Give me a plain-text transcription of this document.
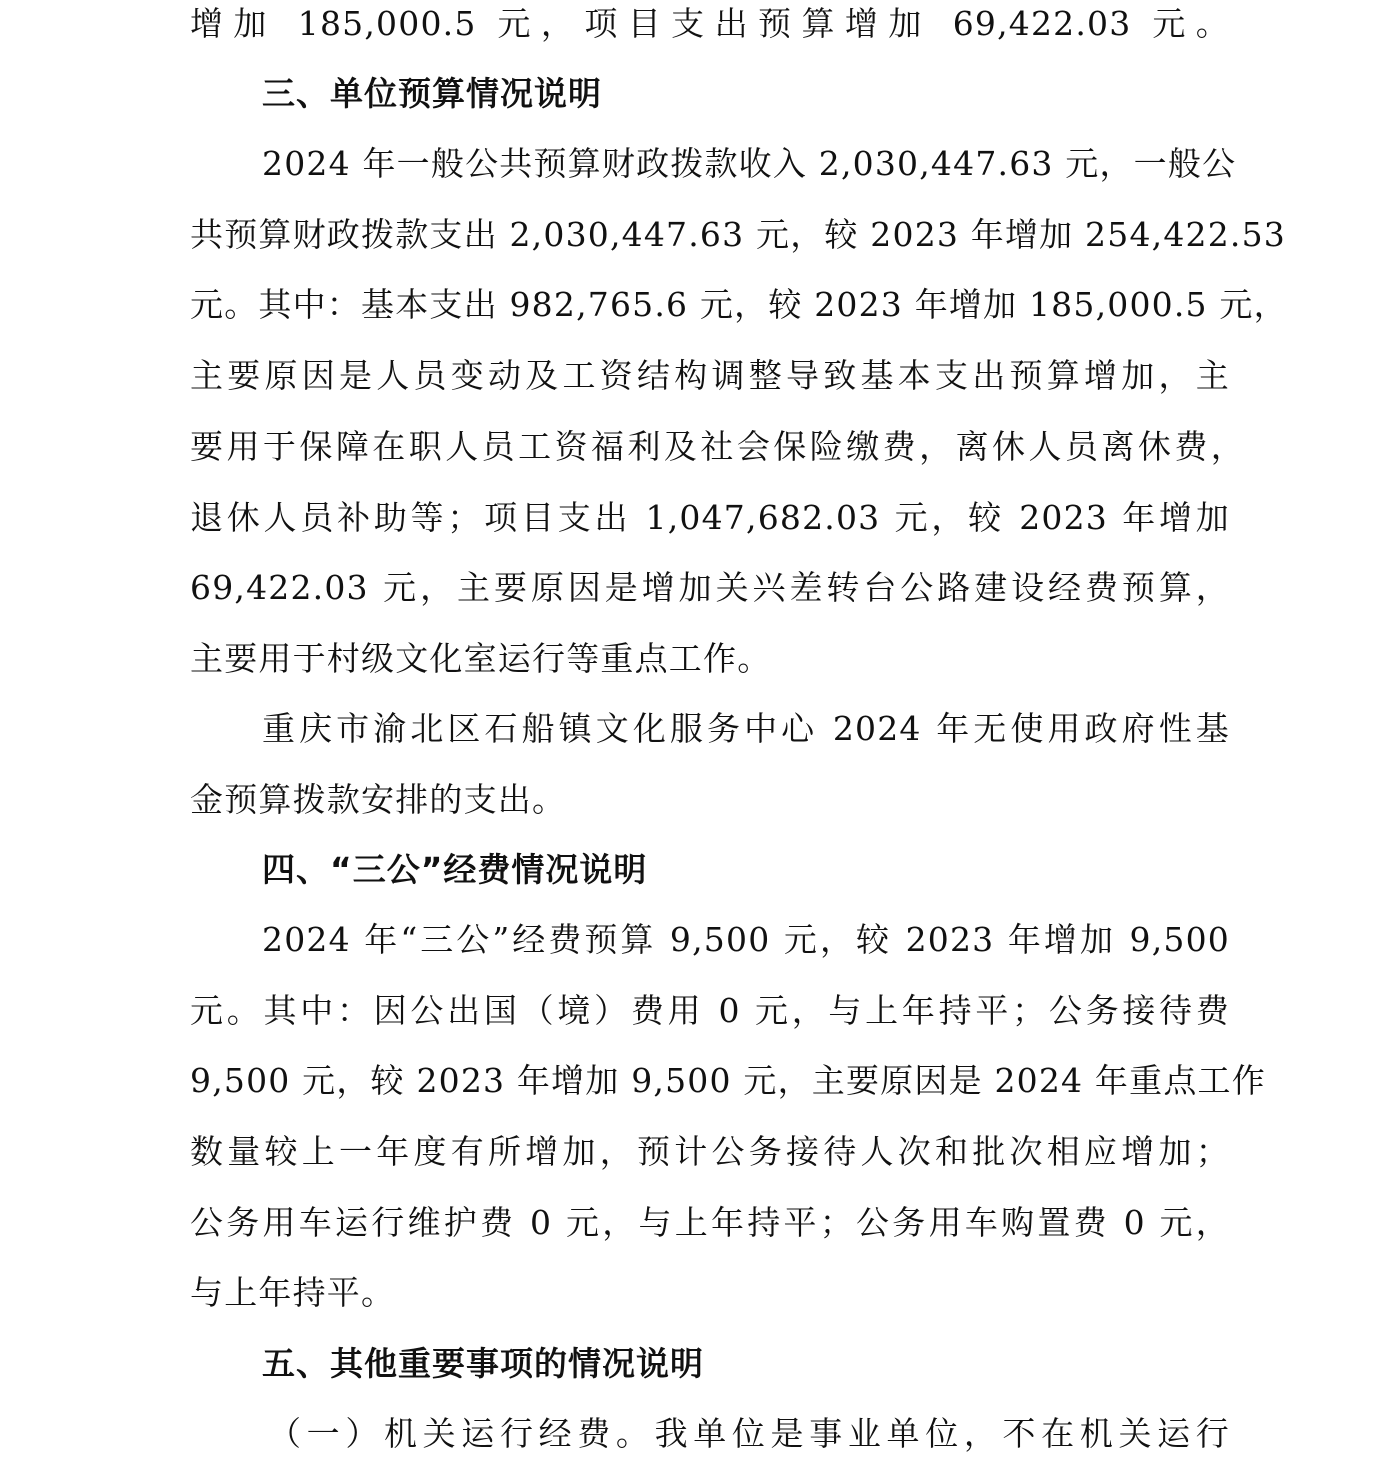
增加 185,000.5 元，项目支出预算增加 69,422.03 元。
三、单位预算情况说明
2024 年一般公共预算财政拨款收入 2,030,447.63 元，一般公
共预算财政拨款支出 2,030,447.63 元，较 2023 年增加 254,422.53
元。其中：基本支出 982,765.6 元，较 2023 年增加 185,000.5 元，
主要原因是人员变动及工资结构调整导致基本支出预算增加，主
要用于保障在职人员工资福利及社会保险缴费，离休人员离休费，
退休人员补助等；项目支出 1,047,682.03 元，较 2023 年增加
69,422.03 元，主要原因是增加关兴差转台公路建设经费预算，
主要用于村级文化室运行等重点工作。
重庆市渝北区石船镇文化服务中心 2024 年无使用政府性基
金预算拨款安排的支出。
四、“三公”经费情况说明
2024 年“三公”经费预算 9,500 元，较 2023 年增加 9,500
元。其中：因公出国（境）费用 0 元，与上年持平；公务接待费
9,500 元，较 2023 年增加 9,500 元，主要原因是 2024 年重点工作
数量较上一年度有所增加，预计公务接待人次和批次相应增加；
公务用车运行维护费 0 元，与上年持平；公务用车购置费 0 元，
与上年持平。
五、其他重要事项的情况说明
（一）机关运行经费。我单位是事业单位，不在机关运行
